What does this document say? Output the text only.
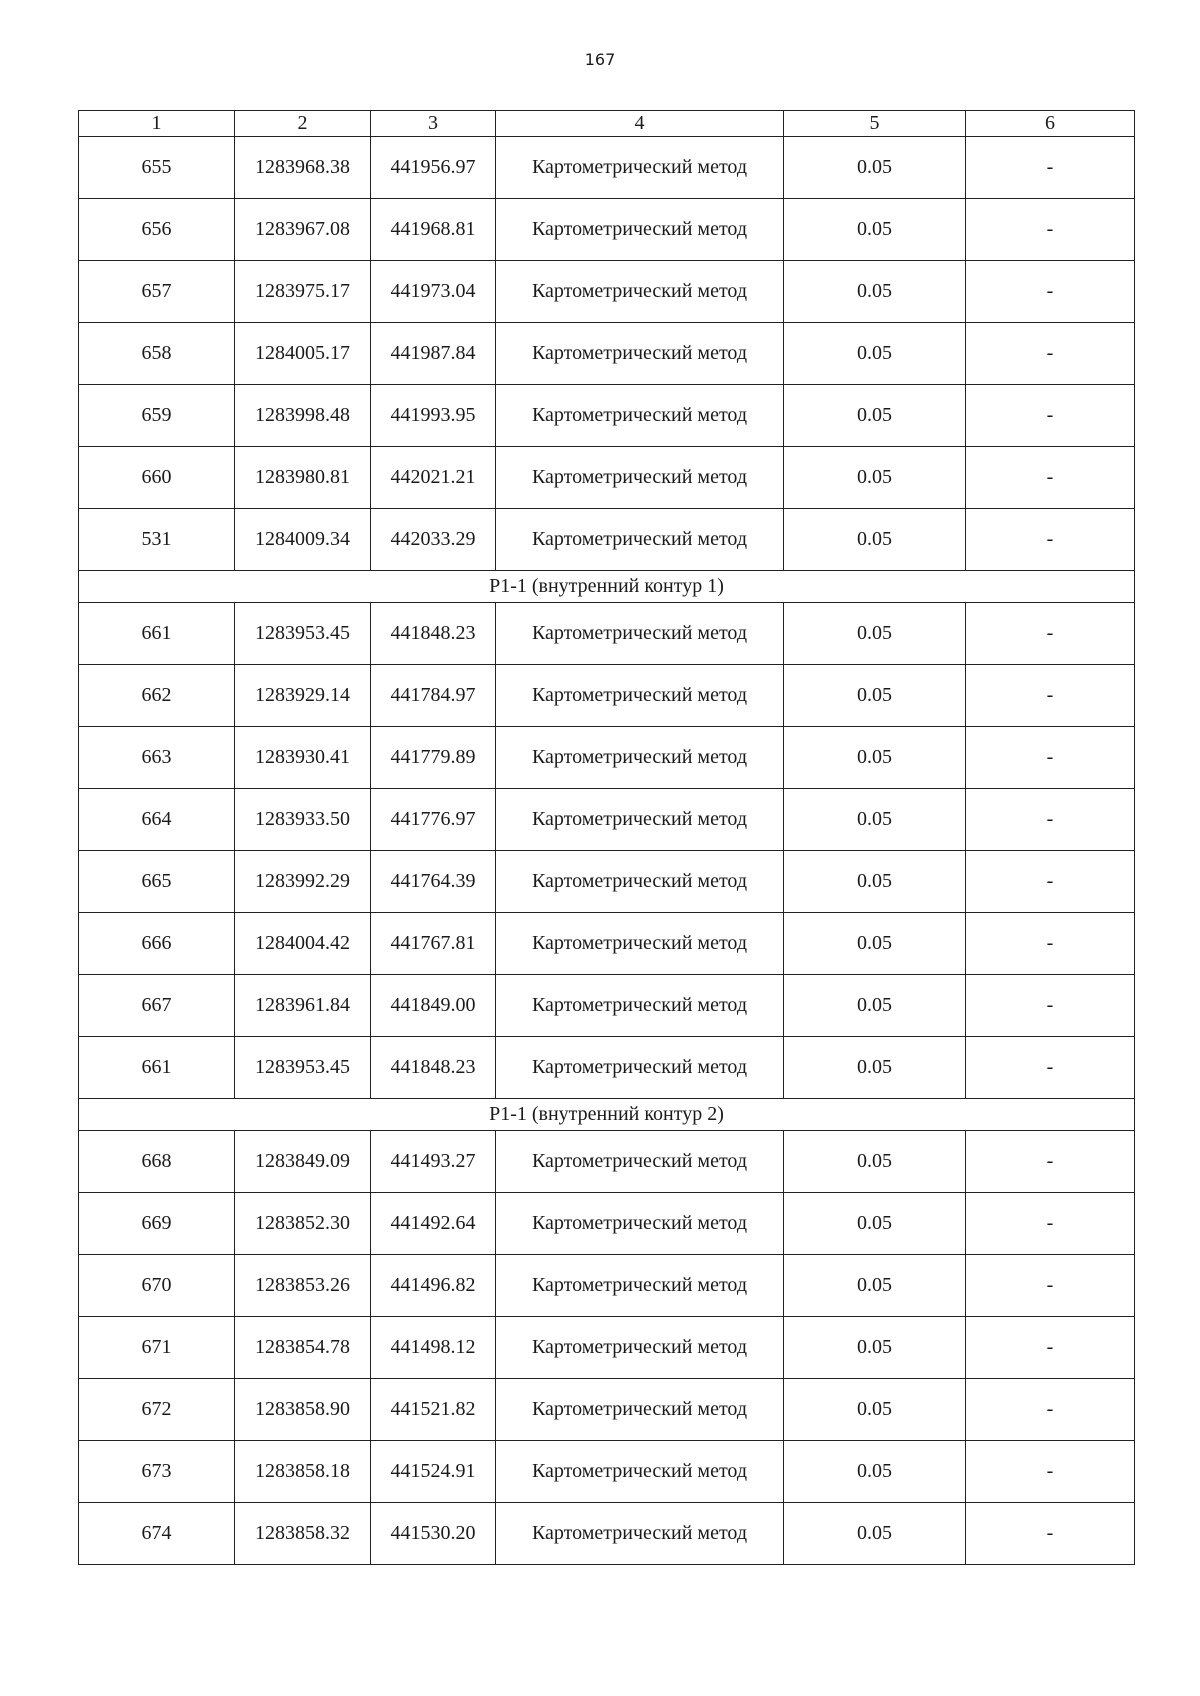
167
1	2	3	4	5	6
655	1283968.38	441956.97	Картометрический метод	0.05	-
656	1283967.08	441968.81	Картометрический метод	0.05	-
657	1283975.17	441973.04	Картометрический метод	0.05	-
658	1284005.17	441987.84	Картометрический метод	0.05	-
659	1283998.48	441993.95	Картометрический метод	0.05	-
660	1283980.81	442021.21	Картометрический метод	0.05	-
531	1284009.34	442033.29	Картометрический метод	0.05	-
Р1-1 (внутренний контур 1)					
661	1283953.45	441848.23	Картометрический метод	0.05	-
662	1283929.14	441784.97	Картометрический метод	0.05	-
663	1283930.41	441779.89	Картометрический метод	0.05	-
664	1283933.50	441776.97	Картометрический метод	0.05	-
665	1283992.29	441764.39	Картометрический метод	0.05	-
666	1284004.42	441767.81	Картометрический метод	0.05	-
667	1283961.84	441849.00	Картометрический метод	0.05	-
661	1283953.45	441848.23	Картометрический метод	0.05	-
Р1-1 (внутренний контур 2)					
668	1283849.09	441493.27	Картометрический метод	0.05	-
669	1283852.30	441492.64	Картометрический метод	0.05	-
670	1283853.26	441496.82	Картометрический метод	0.05	-
671	1283854.78	441498.12	Картометрический метод	0.05	-
672	1283858.90	441521.82	Картометрический метод	0.05	-
673	1283858.18	441524.91	Картометрический метод	0.05	-
674	1283858.32	441530.20	Картометрический метод	0.05	-
